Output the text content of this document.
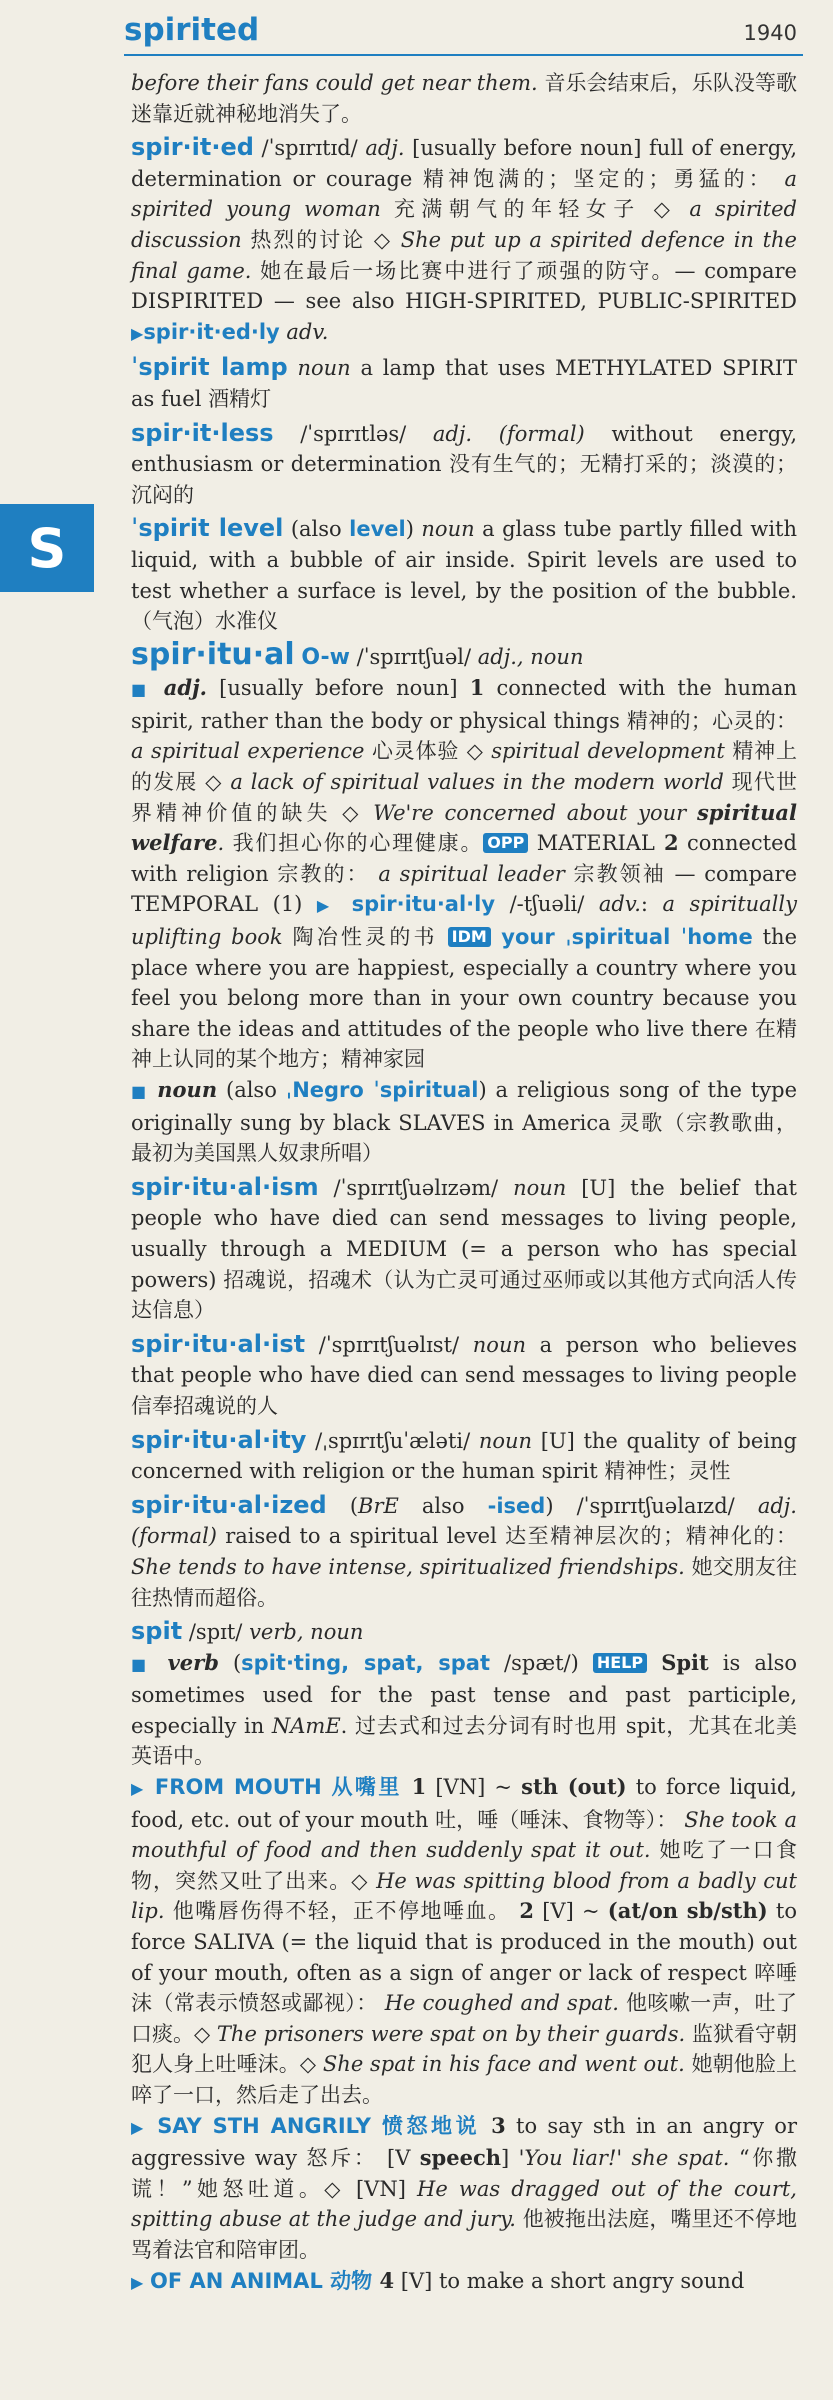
spirited	1940
S

before their fans could get near them. 音乐会结束后，乐队没等歌迷靠近就神秘地消失了。

spir·it·ed /ˈspɪrɪtɪd/ adj. [usually before noun] full of energy, determination or courage 精神饱满的；坚定的；勇猛的： a spirited young woman 充满朝气的年轻女子 ◇ a spirited discussion 热烈的讨论 ◇ She put up a spirited defence in the final game. 她在最后一场比赛中进行了顽强的防守。— compare DISPIRITED — see also HIGH-SPIRITED, PUBLIC-SPIRITED ▶spir·it·ed·ly adv.

ˈspirit lamp noun a lamp that uses METHYLATED SPIRIT as fuel 酒精灯

spir·it·less /ˈspɪrɪtləs/ adj. (formal) without energy, enthusiasm or determination 没有生气的；无精打采的；淡漠的；沉闷的

ˈspirit level (also level) noun a glass tube partly filled with liquid, with a bubble of air inside. Spirit levels are used to test whether a surface is level, by the position of the bubble.（气泡）水准仪

spir·itu·al O-w /ˈspɪrɪtʃuəl/ adj., noun

■ adj. [usually before noun] 1 connected with the human spirit, rather than the body or physical things 精神的；心灵的： a spiritual experience 心灵体验 ◇ spiritual development 精神上的发展 ◇ a lack of spiritual values in the modern world 现代世界精神价值的缺失 ◇ We're concerned about your spiritual welfare. 我们担心你的心理健康。 OPP MATERIAL 2 connected with religion 宗教的： a spiritual leader 宗教领袖 — compare TEMPORAL (1) ▶ spir·itu·al·ly /-tʃuəli/ adv.: a spiritually uplifting book 陶冶性灵的书 IDM your ˌspiritual ˈhome the place where you are happiest, especially a country where you feel you belong more than in your own country because you share the ideas and attitudes of the people who live there 在精神上认同的某个地方；精神家园

■ noun (also ˌNegro ˈspiritual) a religious song of the type originally sung by black SLAVES in America 灵歌（宗教歌曲，最初为美国黑人奴隶所唱）

spir·itu·al·ism /ˈspɪrɪtʃuəlɪzəm/ noun [U] the belief that people who have died can send messages to living people, usually through a MEDIUM (= a person who has special powers) 招魂说，招魂术（认为亡灵可通过巫师或以其他方式向活人传达信息）

spir·itu·al·ist /ˈspɪrɪtʃuəlɪst/ noun a person who believes that people who have died can send messages to living people 信奉招魂说的人

spir·itu·al·ity /ˌspɪrɪtʃuˈæləti/ noun [U] the quality of being concerned with religion or the human spirit 精神性；灵性

spir·itu·al·ized (BrE also -ised) /ˈspɪrɪtʃuəlaɪzd/ adj. (formal) raised to a spiritual level 达至精神层次的；精神化的： She tends to have intense, spiritualized friendships. 她交朋友往往热情而超俗。

spit /spɪt/ verb, noun

■ verb (spit·ting, spat, spat /spæt/) HELP Spit is also sometimes used for the past tense and past participle, especially in NAmE. 过去式和过去分词有时也用 spit，尤其在北美英语中。

▶ FROM MOUTH 从嘴里 1 [VN] ~ sth (out) to force liquid, food, etc. out of your mouth 吐，唾（唾沫、食物等）： She took a mouthful of food and then suddenly spat it out. 她吃了一口食物，突然又吐了出来。◇ He was spitting blood from a badly cut lip. 他嘴唇伤得不轻，正不停地唾血。 2 [V] ~ (at/on sb/sth) to force SALIVA (= the liquid that is produced in the mouth) out of your mouth, often as a sign of anger or lack of respect 啐唾沫（常表示愤怒或鄙视）： He coughed and spat. 他咳嗽一声，吐了口痰。◇ The prisoners were spat on by their guards. 监狱看守朝犯人身上吐唾沫。◇ She spat in his face and went out. 她朝他脸上啐了一口，然后走了出去。

▶ SAY STH ANGRILY 愤怒地说 3 to say sth in an angry or aggressive way 怒斥： [V speech] 'You liar!' she spat. “你撒谎！”她怒吐道。◇ [VN] He was dragged out of the court, spitting abuse at the judge and jury. 他被拖出法庭，嘴里还不停地骂着法官和陪审团。

▶ OF AN ANIMAL 动物 4 [V] to make a short angry sound
